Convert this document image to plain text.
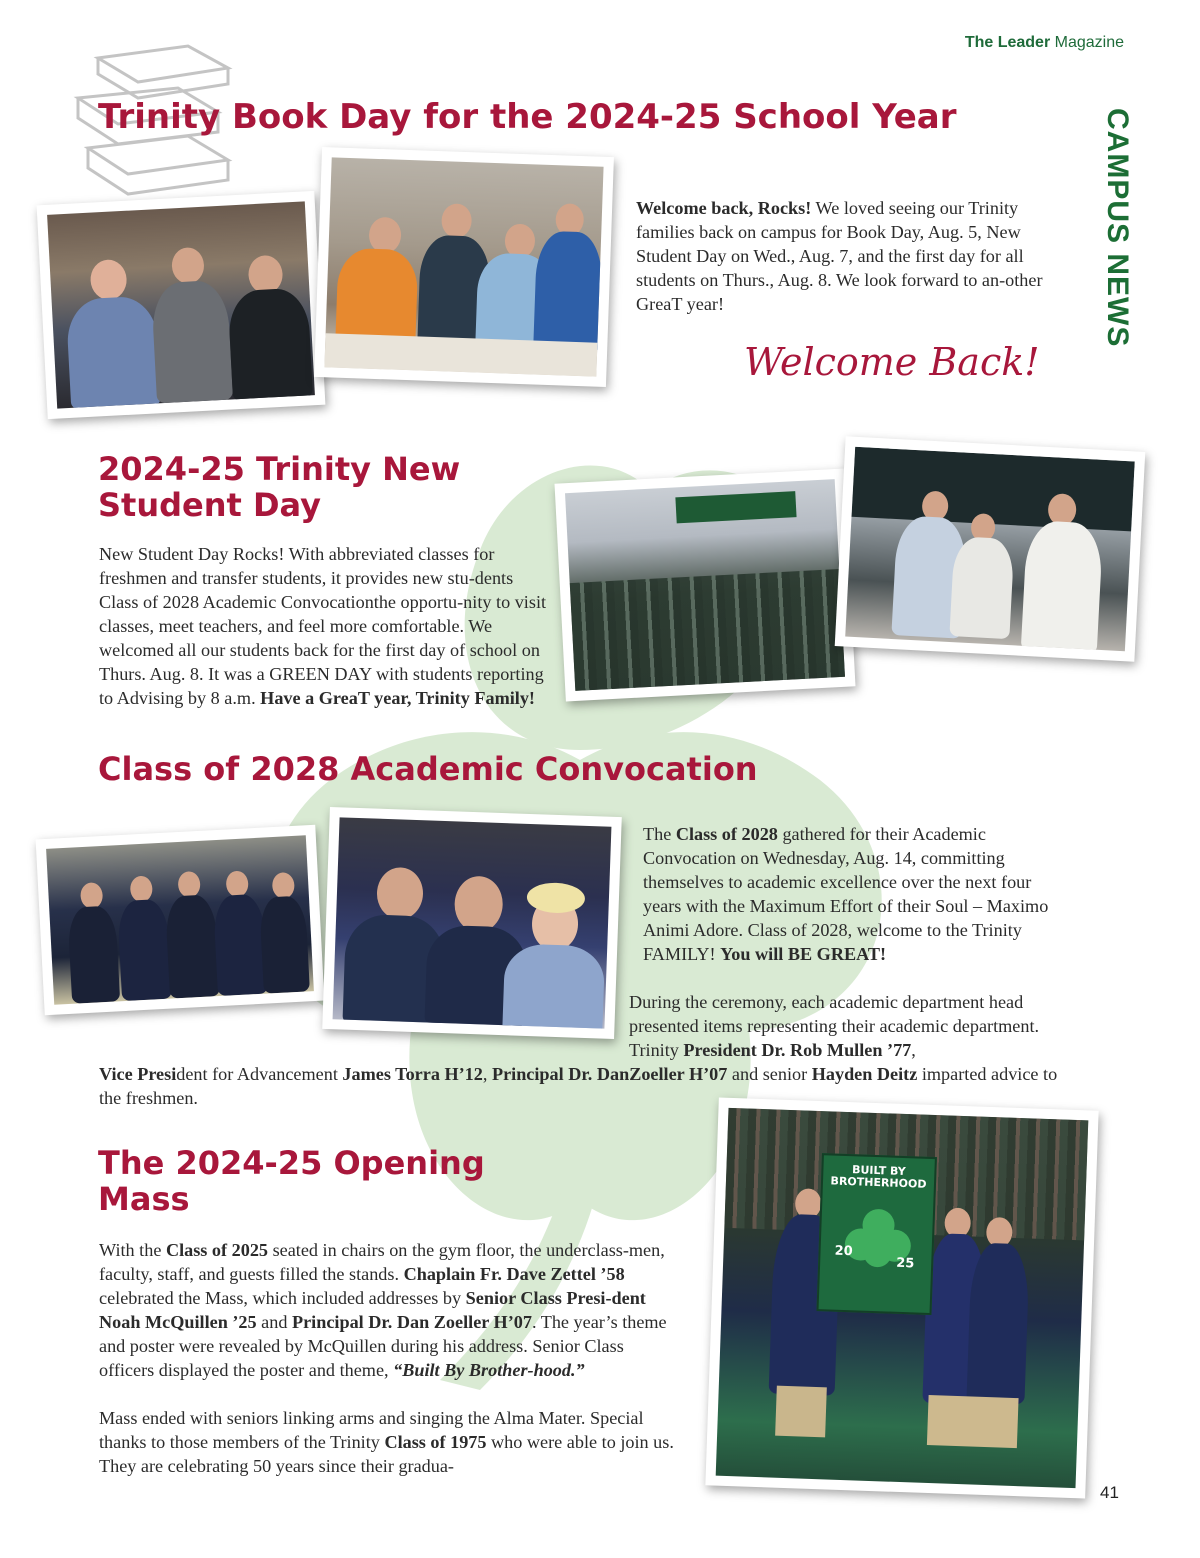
The Leader Magazine
CAMPUS NEWS
Trinity Book Day for the 2024-25 School Year

Welcome back, Rocks! We loved seeing our Trinity families back on campus for Book Day, Aug. 5, New Student Day on Wed., Aug. 7, and the first day for all students on Thurs., Aug. 8. We look forward to an-other GreaT year!

Welcome Back!
2024-25 Trinity New Student Day

New Student Day Rocks! With abbreviated classes for freshmen and transfer students, it provides new stu-dents Class of 2028 Academic Convocationthe opportu-nity to visit classes, meet teachers, and feel more comfortable. We welcomed all our students back for the first day of school on Thurs. Aug. 8. It was a GREEN DAY with students reporting to Advising by 8 a.m. Have a GreaT year, Trinity Family!

Class of 2028 Academic Convocation

The Class of 2028 gathered for their Academic Convocation on Wednesday, Aug. 14, committing themselves to academic excellence over the next four years with the Maximum Effort of their Soul – Maximo Animi Adore. Class of 2028, welcome to the Trinity FAMILY! You will BE GREAT!

During the ceremony, each academic department head presented items representing their academic department. Trinity President Dr. Rob Mullen ’77,
Vice President for Advancement James Torra H’12, Principal Dr. DanZoeller H’07 and senior Hayden Deitz imparted advice to the freshmen.
The 2024-25 Opening Mass

With the Class of 2025 seated in chairs on the gym floor, the underclass-men, faculty, staff, and guests filled the stands. Chaplain Fr. Dave Zettel ’58 celebrated the Mass, which included addresses by Senior Class Presi-dent Noah McQuillen ’25 and Principal Dr. Dan Zoeller H’07. The year’s theme and poster were revealed by McQuillen during his address. Senior Class officers displayed the poster and theme, “Built By Brother-hood.”

Mass ended with seniors linking arms and singing the Alma Mater. Special thanks to those members of the Trinity Class of 1975 who were able to join us. They are celebrating 50 years since their gradua-

BUILT BY
BROTHERHOOD
20
25
41
